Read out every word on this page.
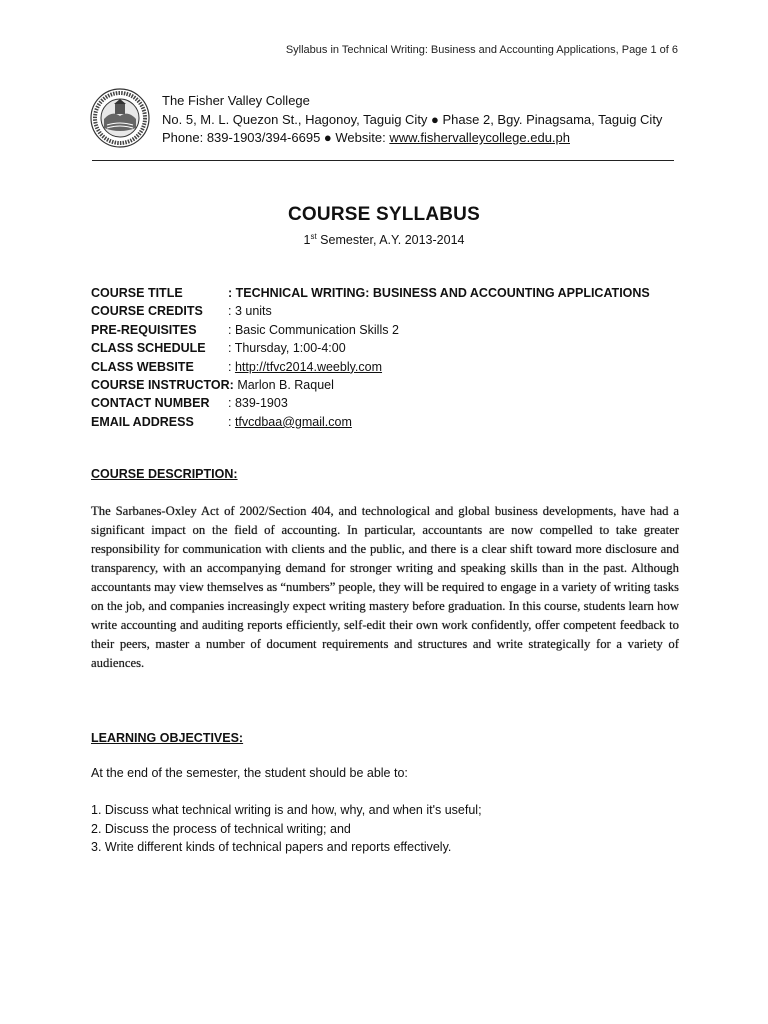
Syllabus in Technical Writing: Business and Accounting Applications, Page 1 of 6
The Fisher Valley College
No. 5, M. L. Quezon St., Hagonoy, Taguig City ● Phase 2, Bgy. Pinagsama, Taguig City
Phone: 839-1903/394-6695 ● Website: www.fishervalleycollege.edu.ph
COURSE SYLLABUS
1st Semester, A.Y. 2013-2014
COURSE TITLE	: TECHNICAL WRITING: BUSINESS AND ACCOUNTING APPLICATIONS
COURSE CREDITS : 3 units
PRE-REQUISITES	: Basic Communication Skills 2
CLASS SCHEDULE : Thursday, 1:00-4:00
CLASS WEBSITE	: http://tfvc2014.weebly.com
COURSE INSTRUCTOR: Marlon B. Raquel
CONTACT NUMBER : 839-1903
EMAIL ADDRESS	: tfvcdbaa@gmail.com
COURSE DESCRIPTION:
The Sarbanes-Oxley Act of 2002/Section 404, and technological and global business developments, have had a significant impact on the field of accounting. In particular, accountants are now compelled to take greater responsibility for communication with clients and the public, and there is a clear shift toward more disclosure and transparency, with an accompanying demand for stronger writing and speaking skills than in the past. Although accountants may view themselves as “numbers” people, they will be required to engage in a variety of writing tasks on the job, and companies increasingly expect writing mastery before graduation. In this course, students learn how write accounting and auditing reports efficiently, self-edit their own work confidently, offer competent feedback to their peers, master a number of document requirements and structures and write strategically for a variety of audiences.
LEARNING OBJECTIVES:
At the end of the semester, the student should be able to:
1. Discuss what technical writing is and how, why, and when it's useful;
2. Discuss the process of technical writing; and
3. Write different kinds of technical papers and reports effectively.
